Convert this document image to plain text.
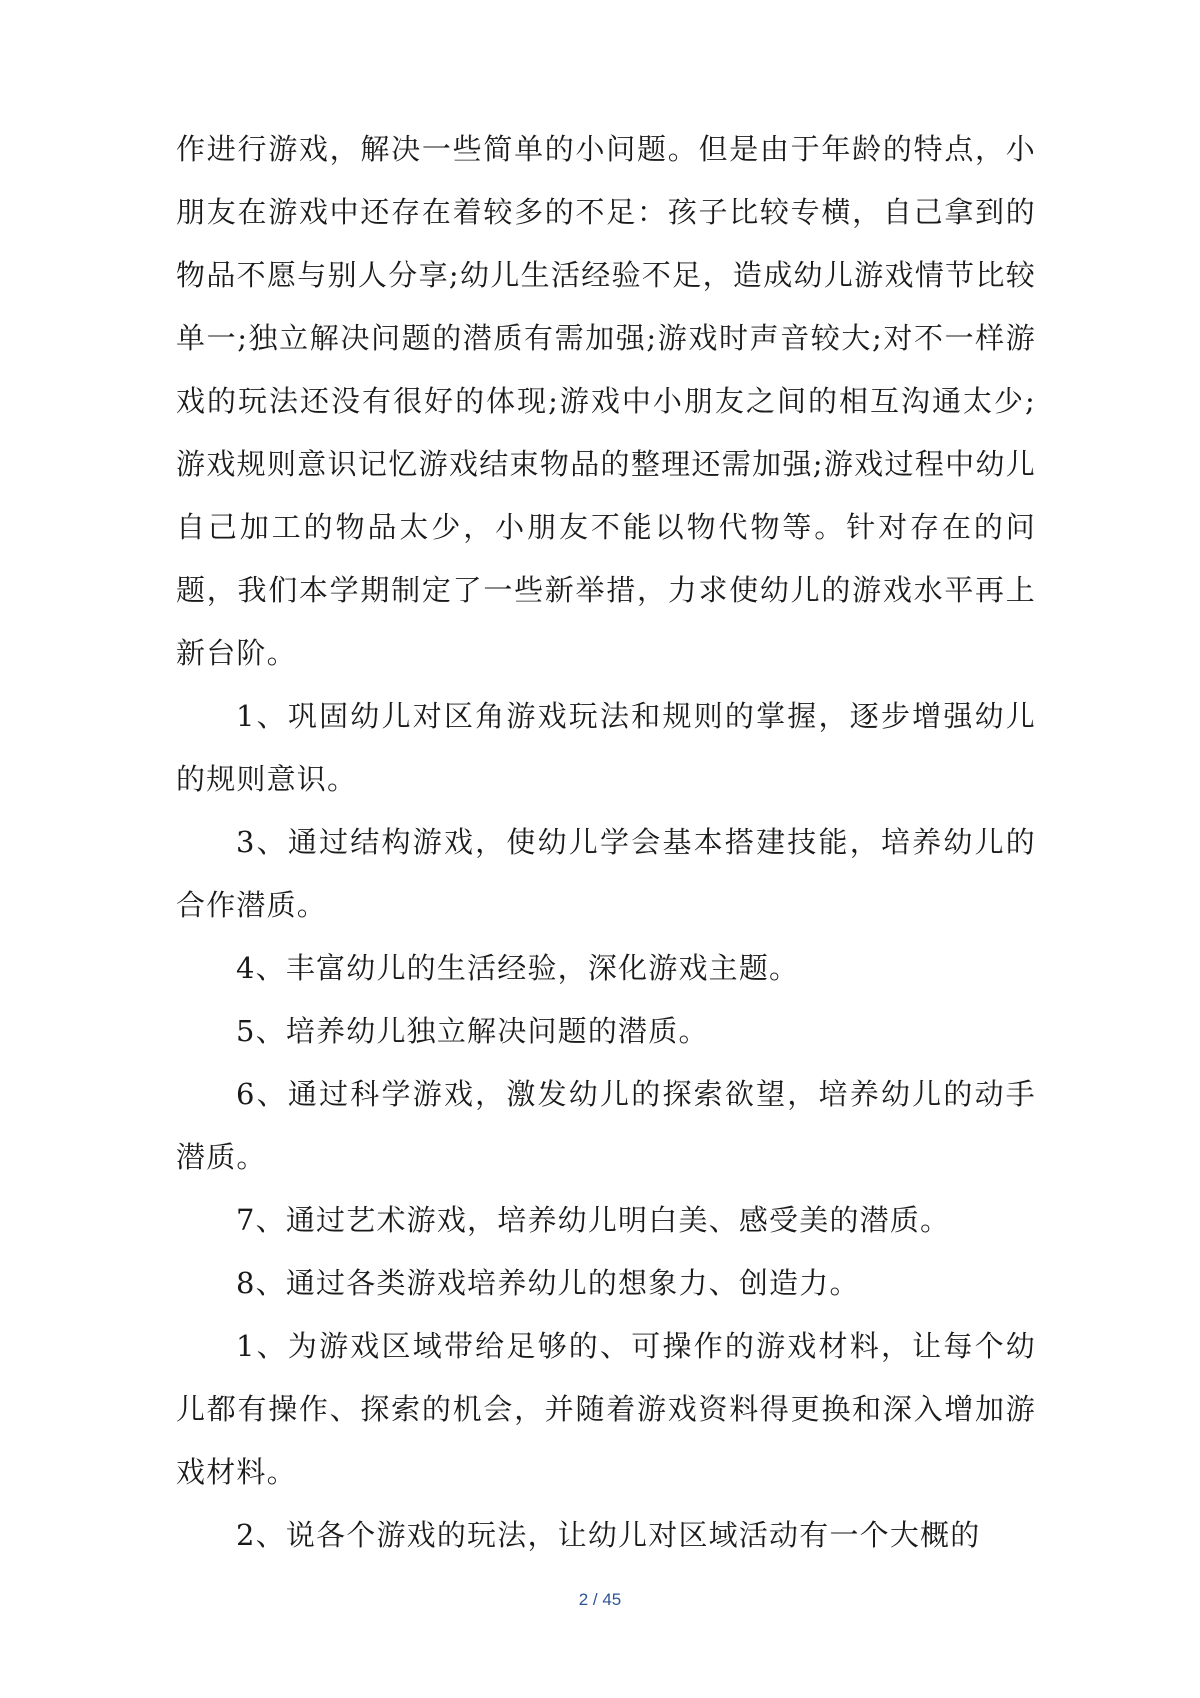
作进行游戏，解决一些简单的小问题。但是由于年龄的特点，小朋友在游戏中还存在着较多的不足：孩子比较专横，自己拿到的物品不愿与别人分享;幼儿生活经验不足，造成幼儿游戏情节比较单一;独立解决问题的潜质有需加强;游戏时声音较大;对不一样游戏的玩法还没有很好的体现;游戏中小朋友之间的相互沟通太少;游戏规则意识记忆游戏结束物品的整理还需加强;游戏过程中幼儿自己加工的物品太少，小朋友不能以物代物等。针对存在的问题，我们本学期制定了一些新举措，力求使幼儿的游戏水平再上新台阶。

1、巩固幼儿对区角游戏玩法和规则的掌握，逐步增强幼儿的规则意识。

3、通过结构游戏，使幼儿学会基本搭建技能，培养幼儿的合作潜质。

4、丰富幼儿的生活经验，深化游戏主题。

5、培养幼儿独立解决问题的潜质。

6、通过科学游戏，激发幼儿的探索欲望，培养幼儿的动手潜质。

7、通过艺术游戏，培养幼儿明白美、感受美的潜质。

8、通过各类游戏培养幼儿的想象力、创造力。

1、为游戏区域带给足够的、可操作的游戏材料，让每个幼儿都有操作、探索的机会，并随着游戏资料得更换和深入增加游戏材料。

2、说各个游戏的玩法，让幼儿对区域活动有一个大概的

2 / 45
